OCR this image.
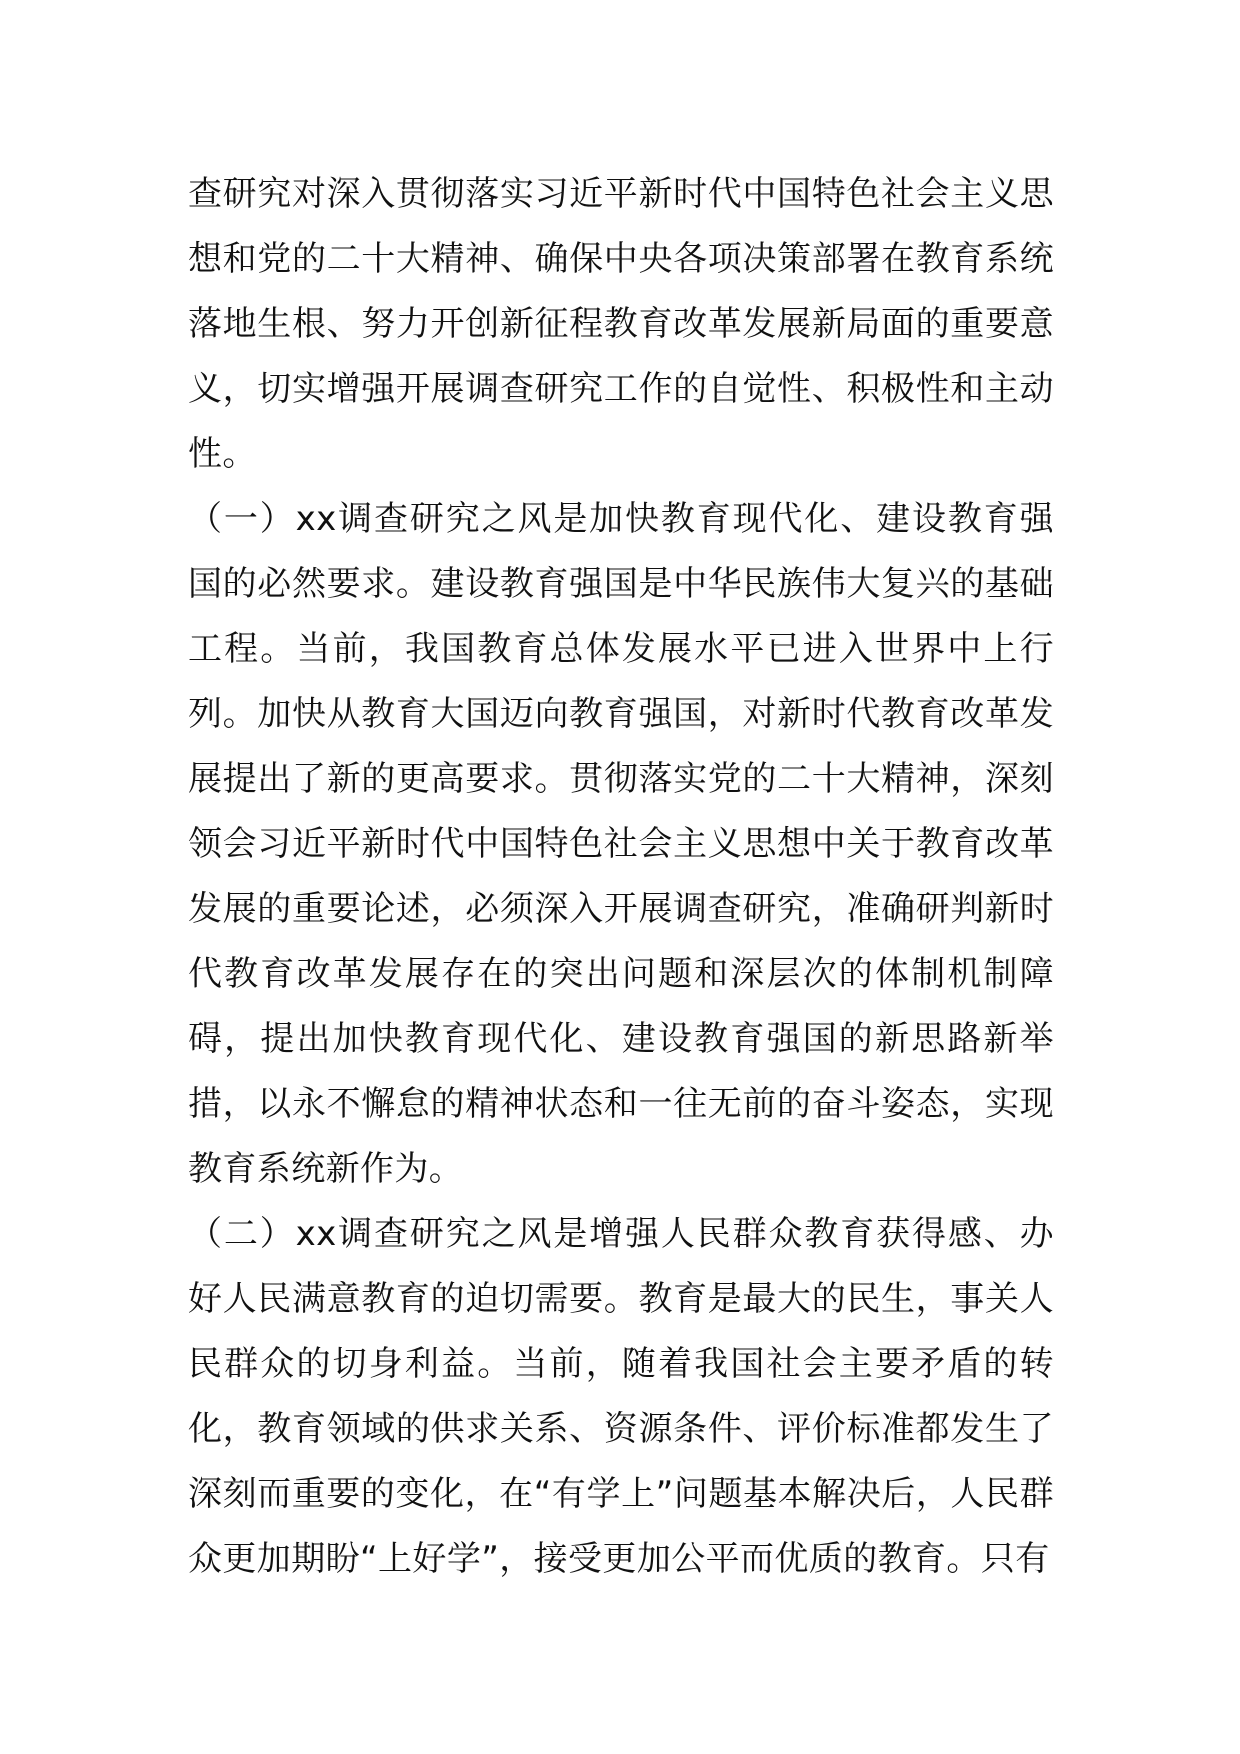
查研究对深入贯彻落实习近平新时代中国特色社会主义思想和党的二十大精神、确保中央各项决策部署在教育系统落地生根、努力开创新征程教育改革发展新局面的重要意义，切实增强开展调查研究工作的自觉性、积极性和主动性。

（一）xx调查研究之风是加快教育现代化、建设教育强国的必然要求。建设教育强国是中华民族伟大复兴的基础工程。当前，我国教育总体发展水平已进入世界中上行列。加快从教育大国迈向教育强国，对新时代教育改革发展提出了新的更高要求。贯彻落实党的二十大精神，深刻领会习近平新时代中国特色社会主义思想中关于教育改革发展的重要论述，必须深入开展调查研究，准确研判新时代教育改革发展存在的突出问题和深层次的体制机制障碍，提出加快教育现代化、建设教育强国的新思路新举措，以永不懈怠的精神状态和一往无前的奋斗姿态，实现教育系统新作为。

（二）xx调查研究之风是增强人民群众教育获得感、办好人民满意教育的迫切需要。教育是最大的民生，事关人民群众的切身利益。当前，随着我国社会主要矛盾的转化，教育领域的供求关系、资源条件、评价标准都发生了深刻而重要的变化，在“有学上”问题基本解决后，人民群众更加期盼“上好学”，接受更加公平而优质的教育。只有
